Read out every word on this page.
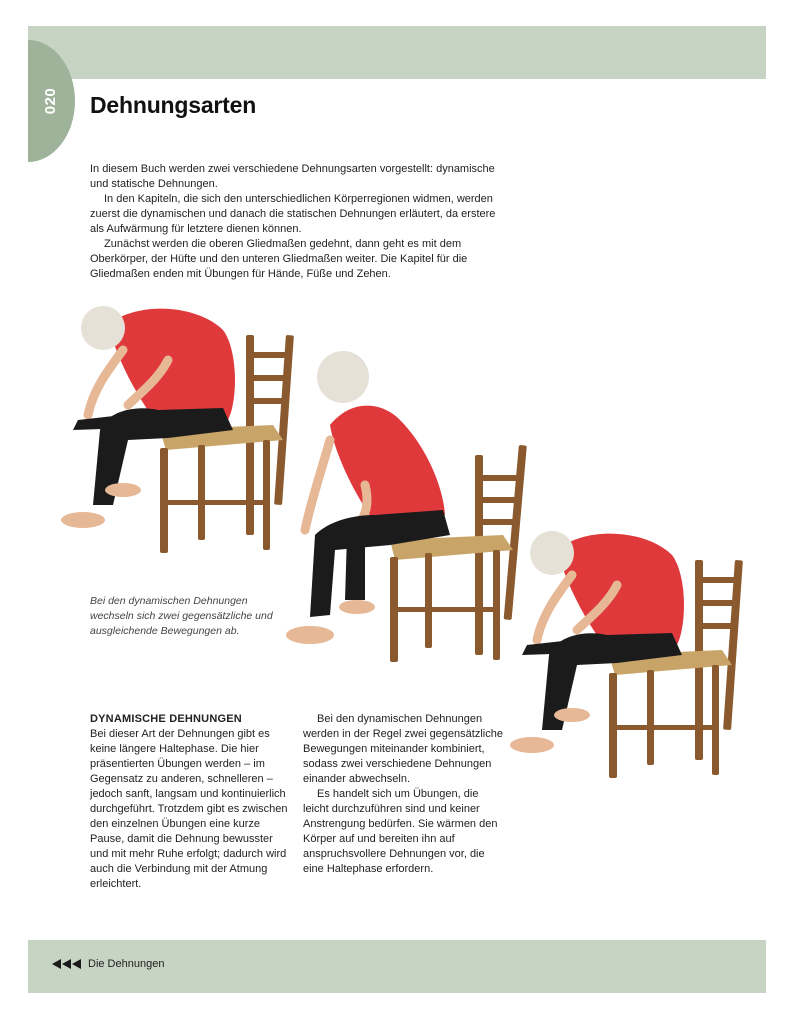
020	Dehnungsarten

In diesem Buch werden zwei verschiedene Dehnungsarten vorgestellt: dynamische und statische Dehnungen.

In den Kapiteln, die sich den unterschiedlichen Körperregionen widmen, werden zuerst die dynamischen und danach die statischen Dehnungen erläutert, da erstere als Aufwärmung für letztere dienen können.

Zunächst werden die oberen Gliedmaßen gedehnt, dann geht es mit dem Oberkörper, der Hüfte und den unteren Gliedmaßen weiter. Die Kapitel für die Gliedmaßen enden mit Übungen für Hände, Füße und Zehen.

Bei den dynamischen Dehnungen wechseln sich zwei gegensätzliche und ausgleichende Bewegungen ab.

DYNAMISCHE DEHNUNGEN

Bei dieser Art der Dehnungen gibt es keine längere Haltephase. Die hier präsentierten Übungen werden – im Gegensatz zu anderen, schnelleren – jedoch sanft, langsam und kontinuierlich durchgeführt. Trotzdem gibt es zwischen den einzelnen Übungen eine kurze Pause, damit die Dehnung bewusster und mit mehr Ruhe erfolgt; dadurch wird auch die Verbindung mit der Atmung erleichtert.

Bei den dynamischen Dehnungen werden in der Regel zwei gegensätzliche Bewegungen miteinander kombiniert, sodass zwei verschiedene Dehnungen einander abwechseln.

Es handelt sich um Übungen, die leicht durchzuführen sind und keiner Anstrengung bedürfen. Sie wärmen den Körper auf und bereiten ihn auf anspruchsvollere Dehnungen vor, die eine Haltephase erfordern.

Die Dehnungen
